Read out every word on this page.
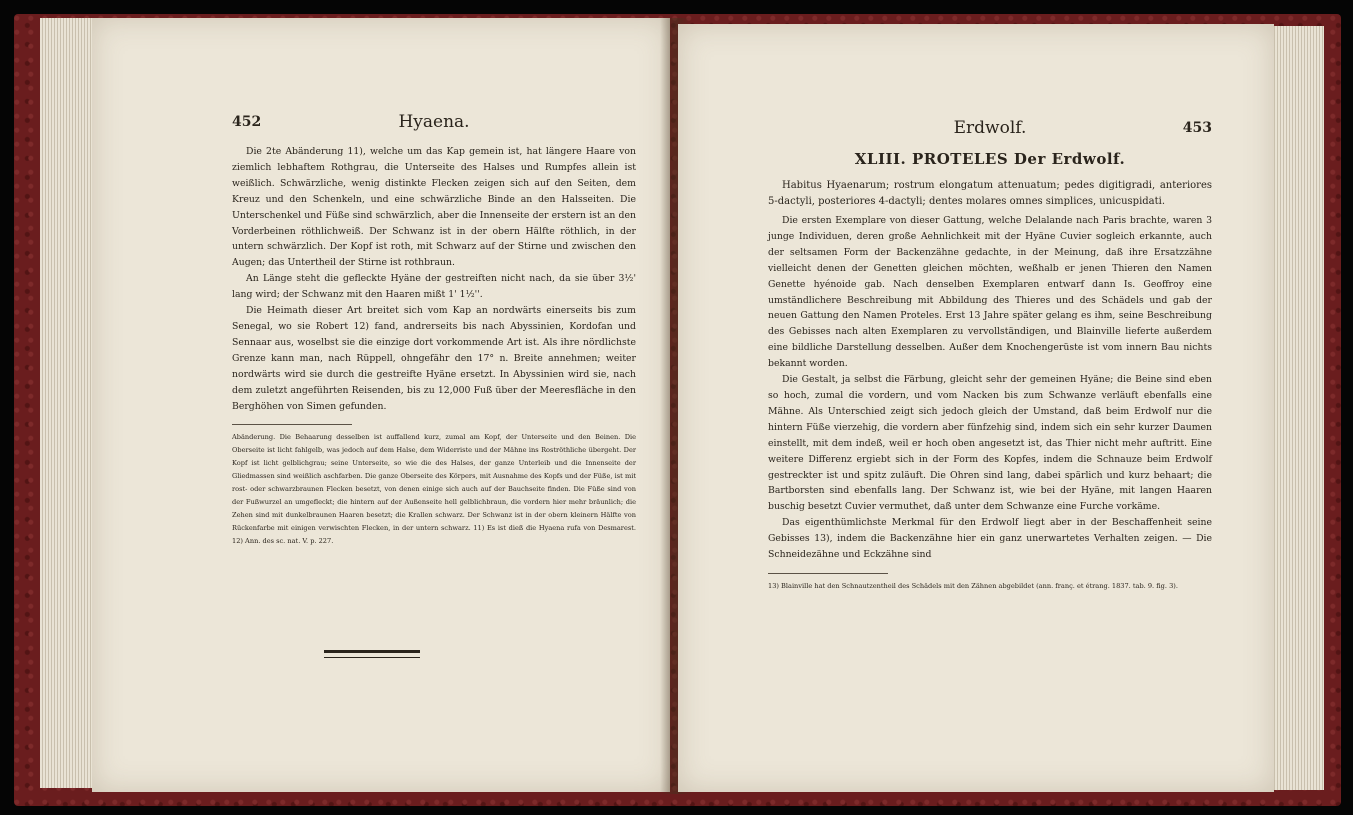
452	Hyaena.

Die 2te Abänderung 11), welche um das Kap gemein ist, hat längere Haare von ziemlich lebhaftem Rothgrau, die Unterseite des Halses und Rumpfes allein ist weißlich. Schwärzliche, wenig distinkte Flecken zeigen sich auf den Seiten, dem Kreuz und den Schenkeln, und eine schwärzliche Binde an den Halsseiten. Die Unterschenkel und Füße sind schwärzlich, aber die Innenseite der erstern ist an den Vorderbeinen röthlichweiß. Der Schwanz ist in der obern Hälfte röthlich, in der untern schwärzlich. Der Kopf ist roth, mit Schwarz auf der Stirne und zwischen den Augen; das Untertheil der Stirne ist rothbraun.

An Länge steht die gefleckte Hyäne der gestreiften nicht nach, da sie über 3½' lang wird; der Schwanz mit den Haaren mißt 1' 1½''.

Die Heimath dieser Art breitet sich vom Kap an nordwärts einerseits bis zum Senegal, wo sie Robert 12) fand, andrerseits bis nach Abyssinien, Kordofan und Sennaar aus, woselbst sie die einzige dort vorkommende Art ist. Als ihre nördlichste Grenze kann man, nach Rüppell, ohngefähr den 17° n. Breite annehmen; weiter nordwärts wird sie durch die gestreifte Hyäne ersetzt. In Abyssinien wird sie, nach dem zuletzt angeführten Reisenden, bis zu 12,000 Fuß über der Meeresfläche in den Berghöhen von Simen gefunden.

Abänderung. Die Behaarung desselben ist auffallend kurz, zumal am Kopf, der Unterseite und den Beinen. Die Oberseite ist licht fahlgelb, was jedoch auf dem Halse, dem Widerriste und der Mähne ins Roströthliche übergeht. Der Kopf ist licht gelblichgrau; seine Unterseite, so wie die des Halses, der ganze Unterleib und die Innenseite der Gliedmassen sind weißlich aschfarben. Die ganze Oberseite des Körpers, mit Ausnahme des Kopfs und der Füße, ist mit rost- oder schwarzbraunen Flecken besetzt, von denen einige sich auch auf der Bauchseite finden. Die Füße sind von der Fußwurzel an umgefleckt; die hintern auf der Außenseite hell gelblichbraun, die vordern hier mehr bräunlich; die Zehen sind mit dunkelbraunen Haaren besetzt; die Krallen schwarz. Der Schwanz ist in der obern kleinern Hälfte von Rückenfarbe mit einigen verwischten Flecken, in der untern schwarz. 11) Es ist dieß die Hyaena rufa von Desmarest. 12) Ann. des sc. nat. V. p. 227.

Erdwolf.	453
XLIII. PROTELES Der Erdwolf.

Habitus Hyaenarum; rostrum elongatum attenuatum; pedes digitigradi, anteriores 5-dactyli, posteriores 4-dactyli; dentes molares omnes simplices, unicuspidati.

Die ersten Exemplare von dieser Gattung, welche Delalande nach Paris brachte, waren 3 junge Individuen, deren große Aehnlichkeit mit der Hyäne Cuvier sogleich erkannte, auch der seltsamen Form der Backenzähne gedachte, in der Meinung, daß ihre Ersatzzähne vielleicht denen der Genetten gleichen möchten, weßhalb er jenen Thieren den Namen Genette hyénoide gab. Nach denselben Exemplaren entwarf dann Is. Geoffroy eine umständlichere Beschreibung mit Abbildung des Thieres und des Schädels und gab der neuen Gattung den Namen Proteles. Erst 13 Jahre später gelang es ihm, seine Beschreibung des Gebisses nach alten Exemplaren zu vervollständigen, und Blainville lieferte außerdem eine bildliche Darstellung desselben. Außer dem Knochengerüste ist vom innern Bau nichts bekannt worden.

Die Gestalt, ja selbst die Färbung, gleicht sehr der gemeinen Hyäne; die Beine sind eben so hoch, zumal die vordern, und vom Nacken bis zum Schwanze verläuft ebenfalls eine Mähne. Als Unterschied zeigt sich jedoch gleich der Umstand, daß beim Erdwolf nur die hintern Füße vierzehig, die vordern aber fünfzehig sind, indem sich ein sehr kurzer Daumen einstellt, mit dem indeß, weil er hoch oben angesetzt ist, das Thier nicht mehr auftritt. Eine weitere Differenz ergiebt sich in der Form des Kopfes, indem die Schnauze beim Erdwolf gestreckter ist und spitz zuläuft. Die Ohren sind lang, dabei spärlich und kurz behaart; die Bartborsten sind ebenfalls lang. Der Schwanz ist, wie bei der Hyäne, mit langen Haaren buschig besetzt Cuvier vermuthet, daß unter dem Schwanze eine Furche vorkäme.

Das eigenthümlichste Merkmal für den Erdwolf liegt aber in der Beschaffenheit seine Gebisses 13), indem die Backenzähne hier ein ganz unerwartetes Verhalten zeigen. — Die Schneidezähne und Eckzähne sind

13) Blainville hat den Schnautzentheil des Schädels mit den Zähnen abgebildet (ann. franç. et étrang. 1837. tab. 9. fig. 3).
